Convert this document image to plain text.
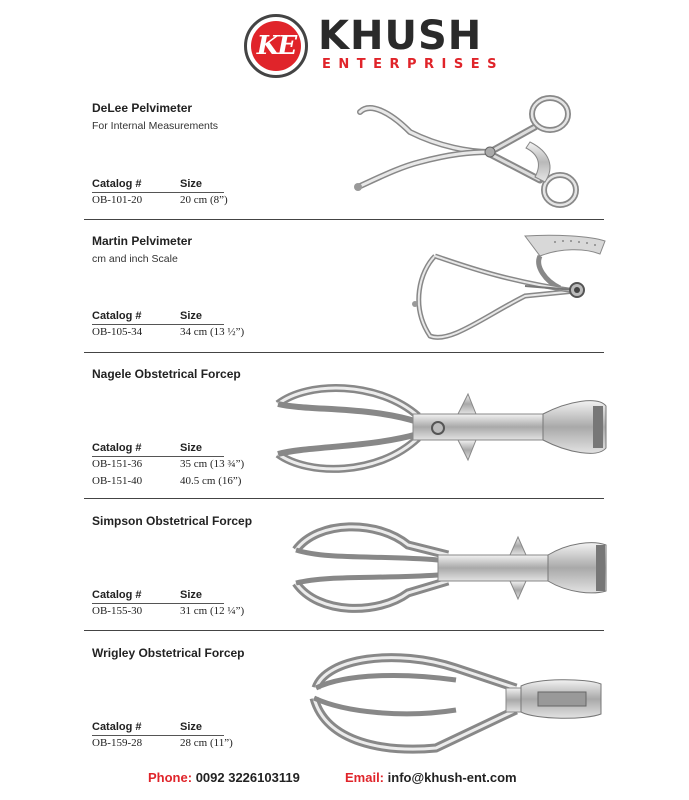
KE KHUSH
ENTERPRISES
DeLee Pelvimeter
For Internal Measurements
Catalog #	Size
OB-101-20	20 cm (8”)
Martin Pelvimeter
cm and inch Scale
Catalog #	Size
OB-105-34	34 cm (13 ½”)
Nagele Obstetrical Forcep
Catalog #	Size
OB-151-36	35 cm (13 ¾”)
OB-151-40	40.5 cm (16”)
Simpson Obstetrical Forcep
Catalog #	Size
OB-155-30	31 cm (12 ¼”)
Wrigley Obstetrical Forcep
Catalog #	Size
OB-159-28	28 cm (11”)
Phone: 0092 3226103119	Email: info@khush-ent.com
